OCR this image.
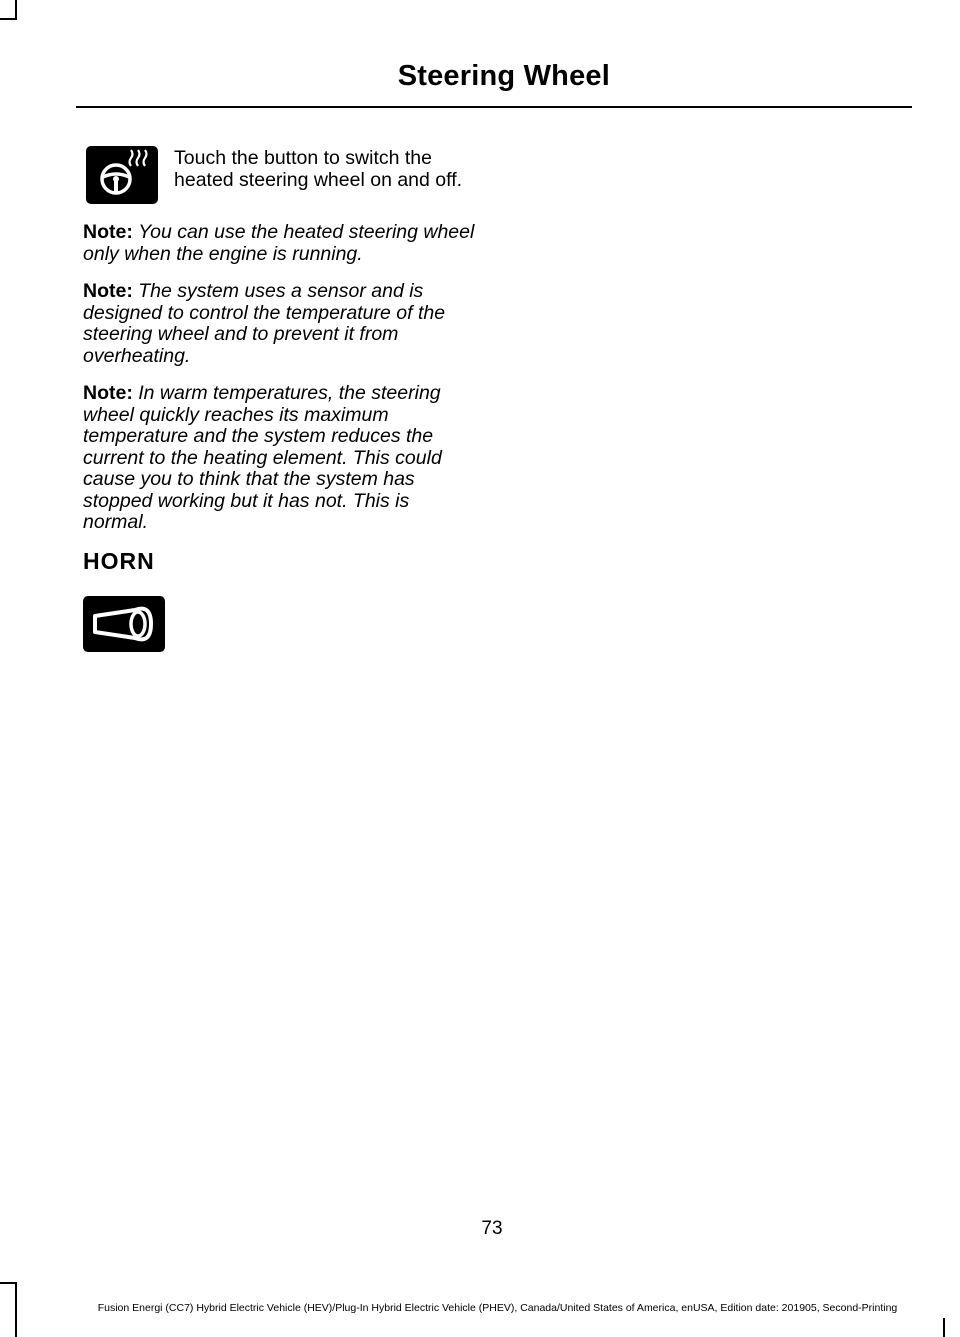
Steering Wheel

Touch the button to switch the heated steering wheel on and off.

Note: You can use the heated steering wheel only when the engine is running.

Note: The system uses a sensor and is designed to control the temperature of the steering wheel and to prevent it from overheating.

Note: In warm temperatures, the steering wheel quickly reaches its maximum temperature and the system reduces the current to the heating element. This could cause you to think that the system has stopped working but it has not. This is normal.

HORN
73
Fusion Energi (CC7) Hybrid Electric Vehicle (HEV)/Plug-In Hybrid Electric Vehicle (PHEV), Canada/United States of America, enUSA, Edition date: 201905, Second-Printing
